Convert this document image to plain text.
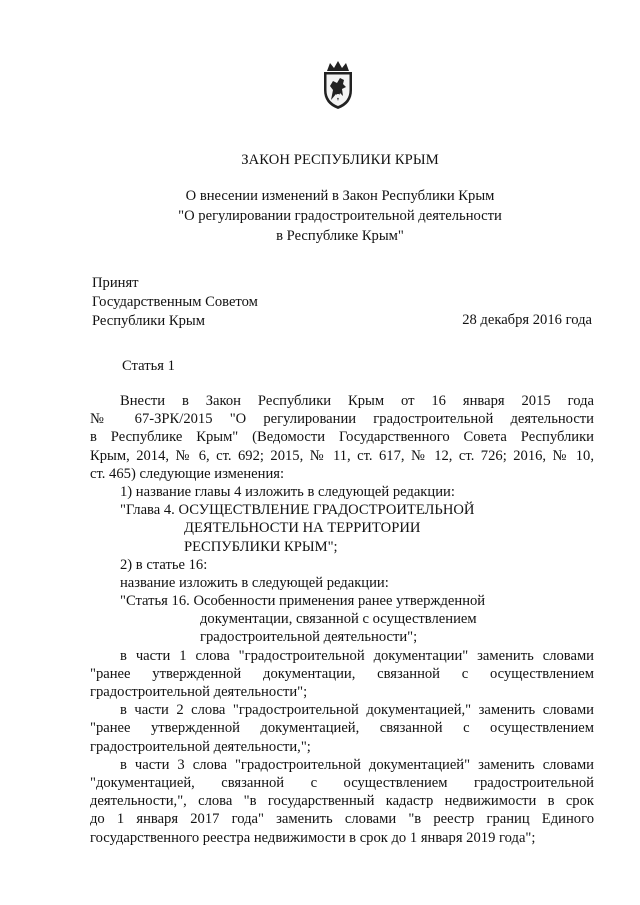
ЗАКОН РЕСПУБЛИКИ КРЫМ
О внесении изменений в Закон Республики Крым
"О регулировании градостроительной деятельности
в Республике Крым"
Принят
Государственным Советом
Республики Крым	28 декабря 2016 года
Статья 1
Внести в Закон Республики Крым от 16 января 2015 года
№ 67-ЗРК/2015 "О регулировании градостроительной деятельности
в Республике Крым" (Ведомости Государственного Совета Республики
Крым, 2014, № 6, ст. 692; 2015, № 11, ст. 617, № 12, ст. 726; 2016, № 10,
ст. 465) следующие изменения:
1) название главы 4 изложить в следующей редакции:
"Глава 4. ОСУЩЕСТВЛЕНИЕ ГРАДОСТРОИТЕЛЬНОЙ
ДЕЯТЕЛЬНОСТИ НА ТЕРРИТОРИИ
РЕСПУБЛИКИ КРЫМ";
2) в статье 16:
название изложить в следующей редакции:
"Статья 16. Особенности применения ранее утвержденной
документации, связанной с осуществлением
градостроительной деятельности";
в части 1 слова "градостроительной документации" заменить словами
"ранее утвержденной документации, связанной с осуществлением
градостроительной деятельности";
в части 2 слова "градостроительной документацией," заменить словами
"ранее утвержденной документацией, связанной с осуществлением
градостроительной деятельности,";
в части 3 слова "градостроительной документацией" заменить словами
"документацией, связанной с осуществлением градостроительной
деятельности,", слова "в государственный кадастр недвижимости в срок
до 1 января 2017 года" заменить словами "в реестр границ Единого
государственного реестра недвижимости в срок до 1 января 2019 года";
